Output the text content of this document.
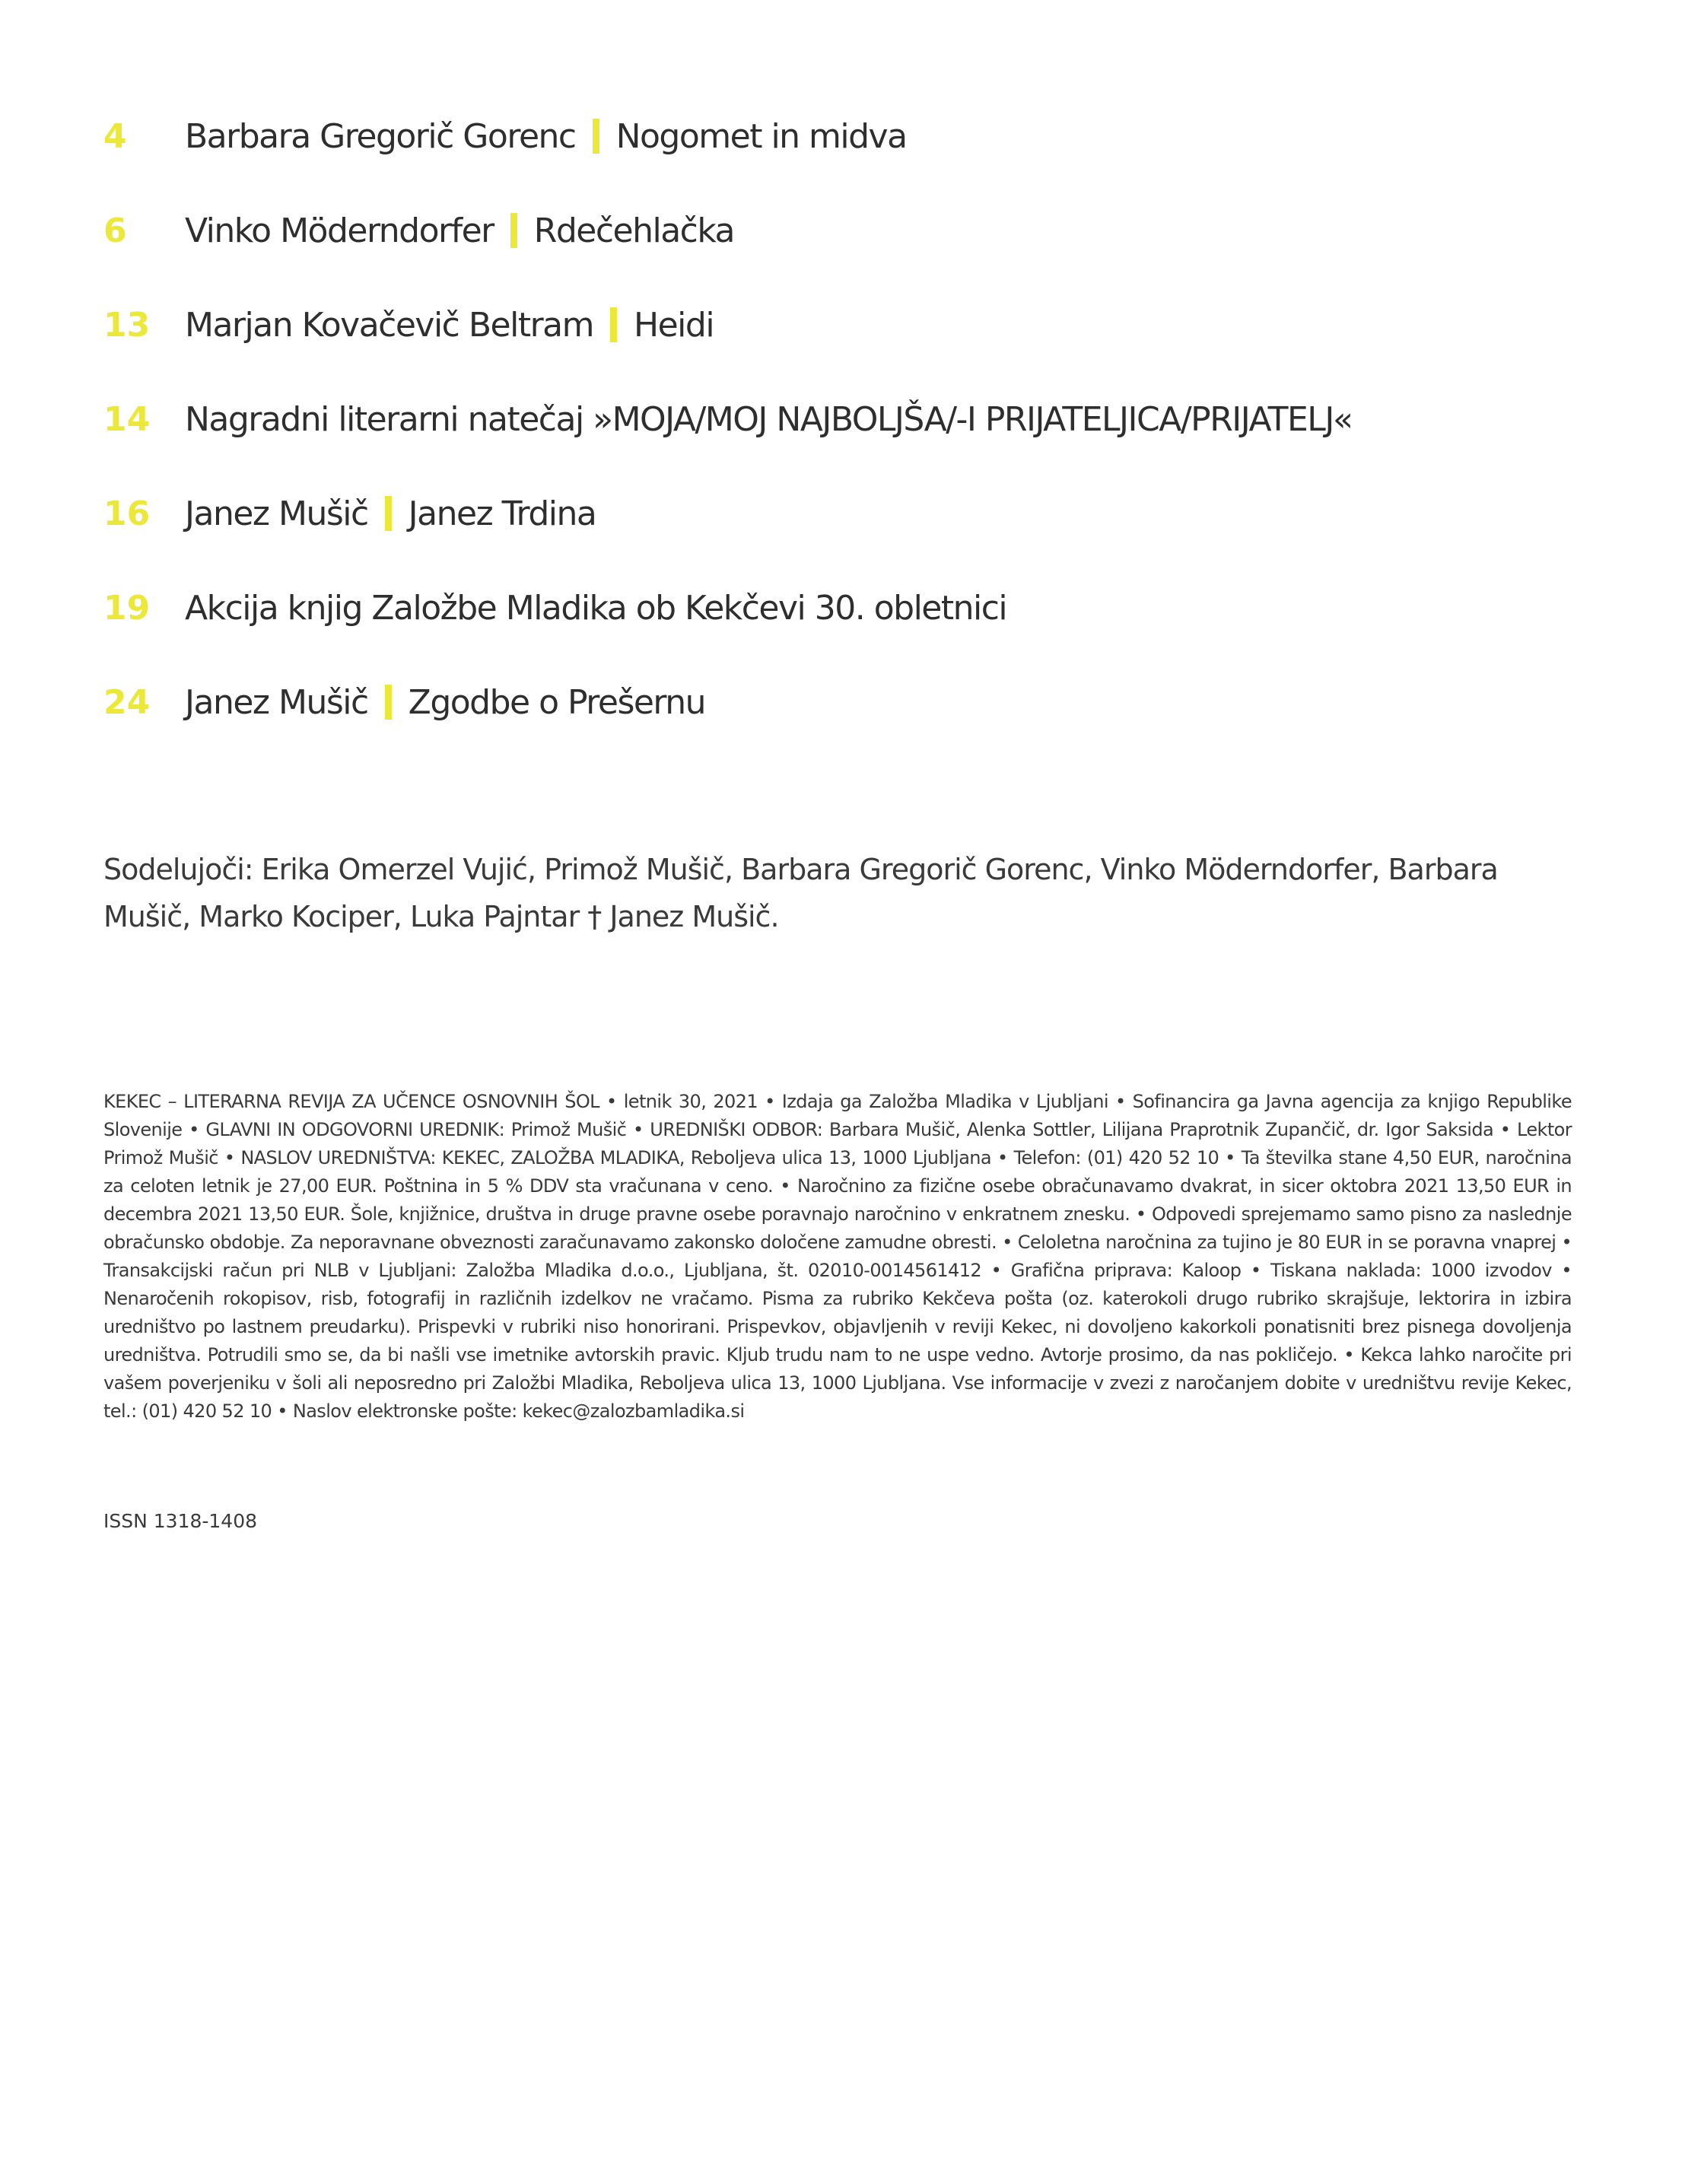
4 Barbara Gregorič Gorenc Nogomet in midva
6 Vinko Möderndorfer Rdečehlačka
13 Marjan Kovačevič Beltram Heidi
14 Nagradni literarni natečaj »MOJA/MOJ NAJBOLJŠA/-I PRIJATELJICA/PRIJATELJ«
16 Janez Mušič Janez Trdina
19 Akcija knjig Založbe Mladika ob Kekčevi 30. obletnici
24 Janez Mušič Zgodbe o Prešernu
Sodelujoči: Erika Omerzel Vujić, Primož Mušič, Barbara Gregorič Gorenc, Vinko Möderndorfer, Barbara Mušič, Marko Kociper, Luka Pajntar † Janez Mušič.
KEKEC – LITERARNA REVIJA ZA UČENCE OSNOVNIH ŠOL • letnik 30, 2021 • Izdaja ga Založba Mladika v Ljubljani • Sofinancira ga Javna agencija za knjigo Republike Slovenije • GLAVNI IN ODGOVORNI UREDNIK: Primož Mušič • UREDNIŠKI ODBOR: Barbara Mušič, Alenka Sottler, Lilijana Praprotnik Zupančič, dr. Igor Saksida • Lektor Primož Mušič • NASLOV UREDNIŠTVA: KEKEC, ZALOŽBA MLADIKA, Reboljeva ulica 13, 1000 Ljubljana • Telefon: (01) 420 52 10 • Ta številka stane 4,50 EUR, naročnina za celoten letnik je 27,00 EUR. Poštnina in 5 % DDV sta vračunana v ceno. • Naročnino za fizične osebe obračunavamo dvakrat, in sicer oktobra 2021 13,50 EUR in decembra 2021 13,50 EUR. Šole, knjižnice, društva in druge pravne osebe poravnajo naročnino v enkratnem znesku. • Odpovedi sprejemamo samo pisno za naslednje obračunsko obdobje. Za neporavnane obveznosti zaračunavamo zakonsko določene zamudne obresti. • Celoletna naročnina za tujino je 80 EUR in se poravna vnaprej • Transakcijski račun pri NLB v Ljubljani: Založba Mladika d.o.o., Ljubljana, št. 02010-0014561412 • Grafična priprava: Kaloop • Tiskana naklada: 1000 izvodov • Nenaročenih rokopisov, risb, fotografij in različnih izdelkov ne vračamo. Pisma za rubriko Kekčeva pošta (oz. katerokoli drugo rubriko skrajšuje, lektorira in izbira uredništvo po lastnem preudarku). Prispevki v rubriki niso honorirani. Prispevkov, objavljenih v reviji Kekec, ni dovoljeno kakorkoli ponatisniti brez pisnega dovoljenja uredništva. Potrudili smo se, da bi našli vse imetnike avtorskih pravic. Kljub trudu nam to ne uspe vedno. Avtorje prosimo, da nas pokličejo. • Kekca lahko naročite pri vašem poverjeniku v šoli ali neposredno pri Založbi Mladika, Reboljeva ulica 13, 1000 Ljubljana. Vse informacije v zvezi z naročanjem dobite v uredništvu revije Kekec, tel.: (01) 420 52 10 • Naslov elektronske pošte: kekec@zalozbamladika.si
ISSN 1318-1408
